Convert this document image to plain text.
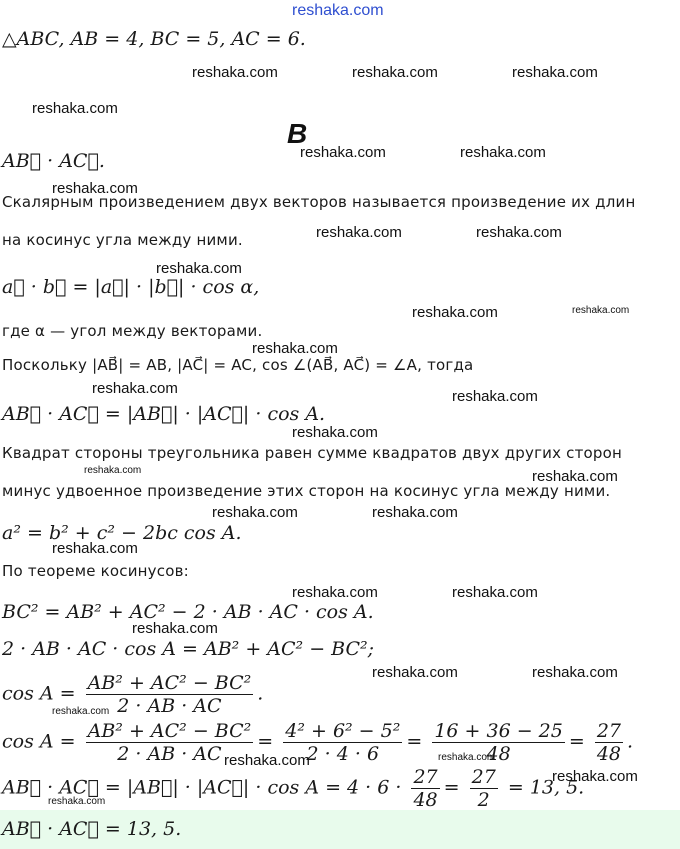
reshaka.com
B
△ABC, AB = 4, BC = 5, AC = 6.
AB⃗ · AC⃗.
Скалярным произведением двух векторов называется произведение их длин
на косинус угла между ними.
a⃗ · b⃗ = |a⃗| · |b⃗| · cos α,
где α — угол между векторами.
Поскольку |AB⃗| = AB, |AC⃗| = AC, cos ∠(AB⃗, AC⃗) = ∠A, тогда
AB⃗ · AC⃗ = |AB⃗| · |AC⃗| · cos A.
Квадрат стороны треугольника равен сумме квадратов двух других сторон
минус удвоенное произведение этих сторон на косинус угла между ними.
a² = b² + c² − 2bc cos A.
По теореме косинусов:
BC² = AB² + AC² − 2 · AB · AC · cos A.
2 · AB · AC · cos A = AB² + AC² − BC²;
$\cos A = \frac{\text{AB² + AC² − BC²}}{2 \cdot AB \cdot AC}$ .
$\cos A = \frac{\text{AB² + AC² − BC²}}{2 \cdot AB \cdot AC} = \frac{\text{4² + 6² − 5²}}{2 \cdot 4 \cdot 6} = \frac{16 + 36 - 25}{48} = \frac{27}{48}$ .
AB⃗ · AC⃗ = |AB⃗| · |AC⃗| · $\cos A = 4 \cdot 6 \cdot \frac{27}{48} = \frac{27}{2} = 13$, 5.
AB⃗ · AC⃗ = 13, 5.
reshaka.com	reshaka.com	reshaka.com
reshaka.com
reshaka.com	reshaka.com
reshaka.com
reshaka.com	reshaka.com
reshaka.com
reshaka.com	reshaka.com
reshaka.com
reshaka.com	reshaka.com
reshaka.com
reshaka.com	reshaka.com
reshaka.com	reshaka.com
reshaka.com
reshaka.com	reshaka.com
reshaka.com
reshaka.com	reshaka.com
reshaka.com
reshaka.com	reshaka.com
reshaka.com
reshaka.com
